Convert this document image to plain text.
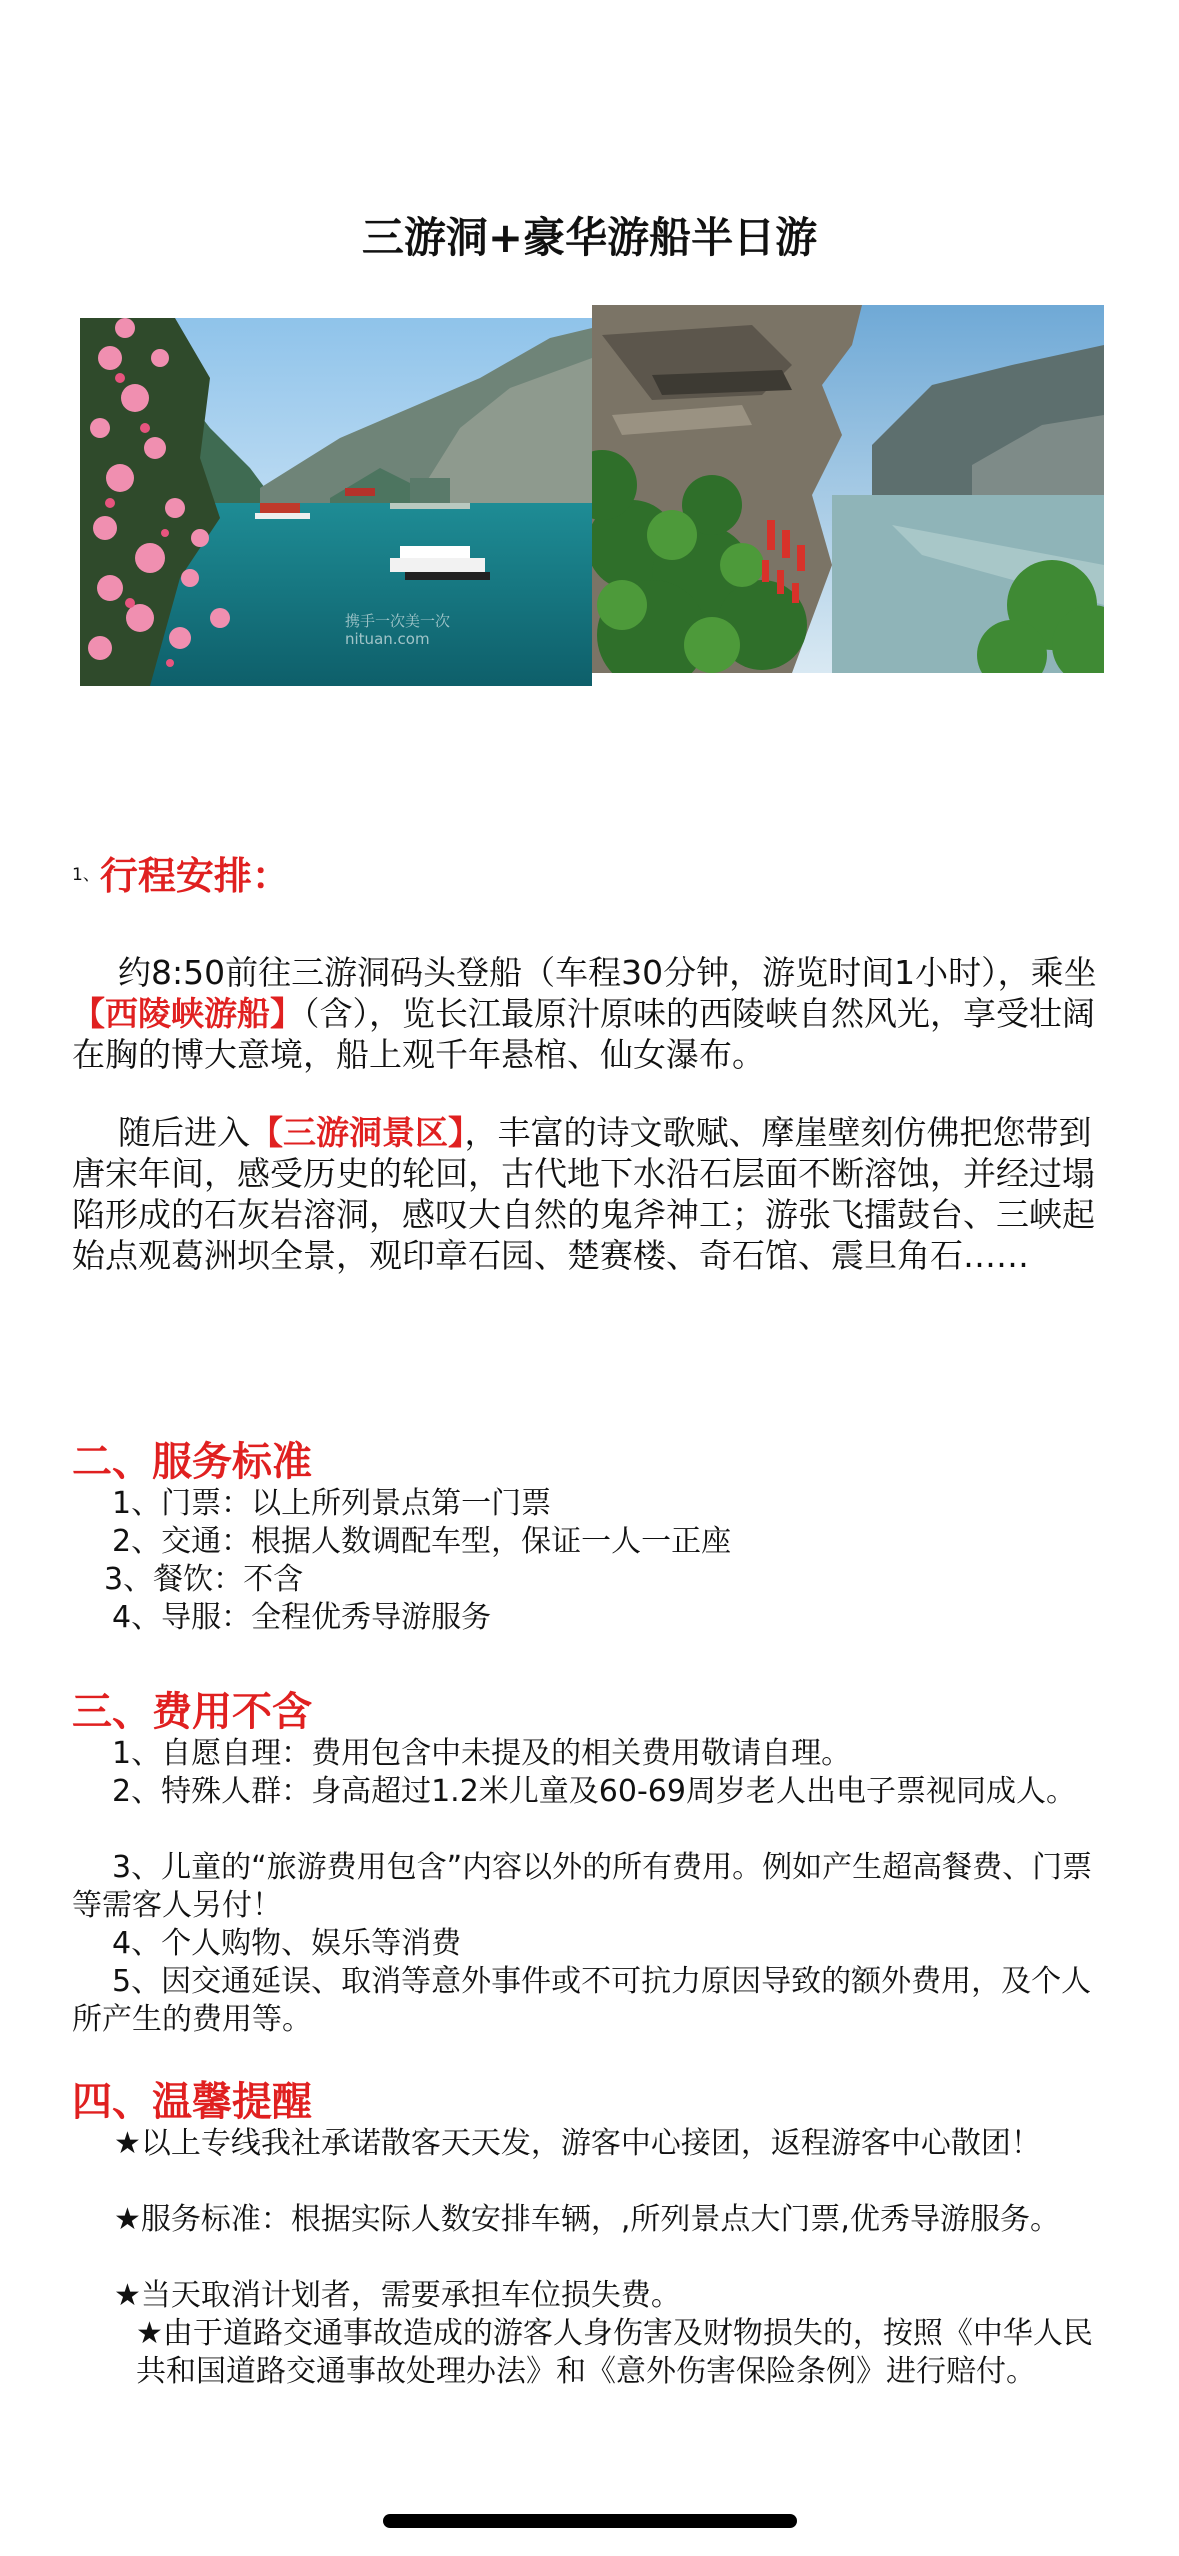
三游洞+豪华游船半日游
携手一次美一次
nituan.com
1、行程安排：
约8:50前往三游洞码头登船（车程30分钟，游览时间1小时），乘坐【西陵峡游船】（含），览长江最原汁原味的西陵峡自然风光，享受壮阔在胸的博大意境，船上观千年悬棺、仙女瀑布。
随后进入【三游洞景区】，丰富的诗文歌赋、摩崖壁刻仿佛把您带到唐宋年间，感受历史的轮回，古代地下水沿石层面不断溶蚀，并经过塌陷形成的石灰岩溶洞，感叹大自然的鬼斧神工；游张飞擂鼓台、三峡起始点观葛洲坝全景，观印章石园、楚赛楼、奇石馆、震旦角石……
二、服务标准
1、门票：以上所列景点第一门票
2、交通：根据人数调配车型，保证一人一正座
3、餐饮：不含
4、导服：全程优秀导游服务
三、费用不含
1、自愿自理：费用包含中未提及的相关费用敬请自理。
2、特殊人群：身高超过1.2米儿童及60-69周岁老人出电子票视同成人。
3、儿童的“旅游费用包含”内容以外的所有费用。例如产生超高餐费、门票等需客人另付！
4、个人购物、娱乐等消费
5、因交通延误、取消等意外事件或不可抗力原因导致的额外费用，及个人所产生的费用等。
四、温馨提醒
★以上专线我社承诺散客天天发，游客中心接团，返程游客中心散团！
★服务标准：根据实际人数安排车辆，,所列景点大门票,优秀导游服务。
★当天取消计划者，需要承担车位损失费。
★由于道路交通事故造成的游客人身伤害及财物损失的，按照《中华人民共和国道路交通事故处理办法》和《意外伤害保险条例》进行赔付。
